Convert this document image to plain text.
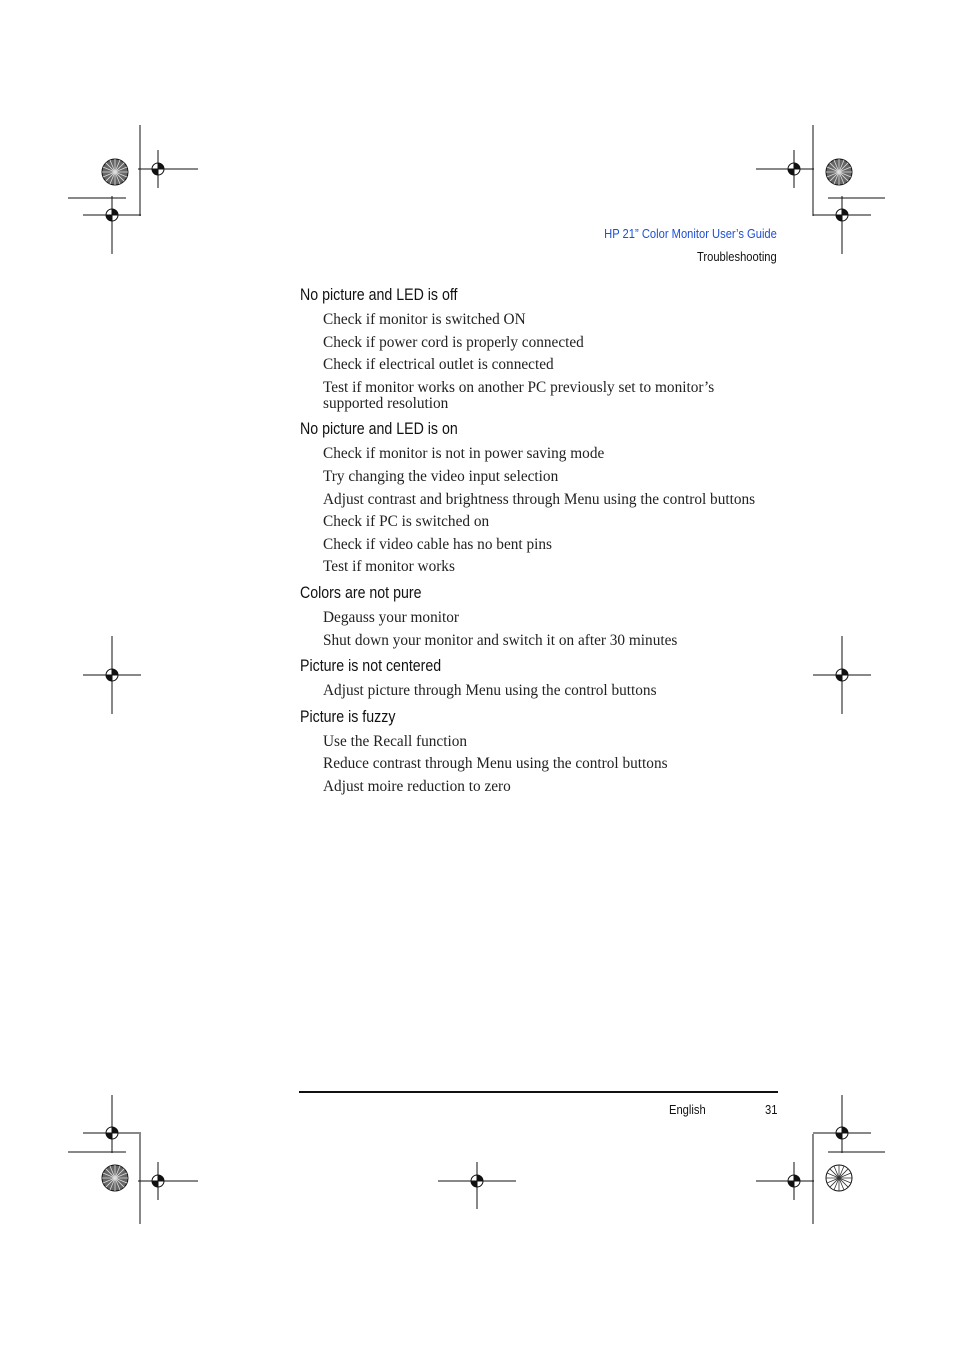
HP 21” Color Monitor User’s Guide
Troubleshooting
No picture and LED is off
Check if monitor is switched ON
Check if power cord is properly connected
Check if electrical outlet is connected
Test if monitor works on another PC previously set to monitor’s supported resolution
No picture and LED is on
Check if monitor is not in power saving mode
Try changing the video input selection
Adjust contrast and brightness through Menu using the control buttons
Check if PC is switched on
Check if video cable has no bent pins
Test if monitor works
Colors are not pure
Degauss your monitor
Shut down your monitor and switch it on after 30 minutes
Picture is not centered
Adjust picture through Menu using the control buttons
Picture is fuzzy
Use the Recall function
Reduce contrast through Menu using the control buttons
Adjust moire reduction to zero
English	31
